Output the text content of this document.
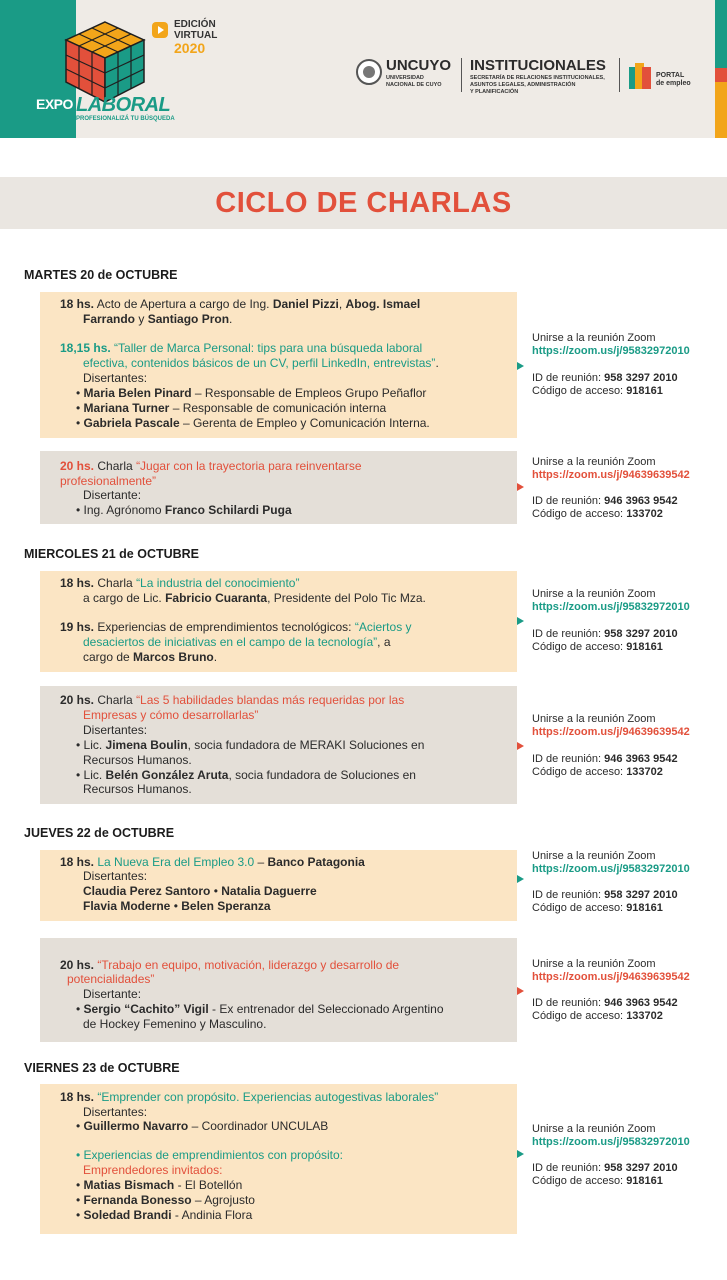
EXPO LABORAL
PROFESIONALIZÁ TU BÚSQUEDA
EDICIÓN
VIRTUAL
2020
UNCUYO
UNIVERSIDAD
NACIONAL DE CUYO
INSTITUCIONALES
SECRETARÍA DE RELACIONES INSTITUCIONALES,
ASUNTOS LEGALES, ADMINISTRACIÓN
Y PLANIFICACIÓN
PORTAL
de empleo
CICLO DE CHARLAS
MARTES 20 de OCTUBRE
MIERCOLES 21 de OCTUBRE
JUEVES 22 de OCTUBRE
VIERNES 23 de OCTUBRE
18 hs. Acto de Apertura a cargo de Ing. Daniel Pizzi, Abog. Ismael
Farrando y Santiago Pron.
18,15 hs. “Taller de Marca Personal: tips para una búsqueda laboral
efectiva, contenidos básicos de un CV, perfil LinkedIn, entrevistas”.
Disertantes:
• Maria Belen Pinard – Responsable de Empleos Grupo Peñaflor
• Mariana Turner – Responsable de comunicación interna
• Gabriela Pascale – Gerenta de Empleo y Comunicación Interna.
20 hs. Charla “Jugar con la trayectoria para reinventarse
profesionalmente”
Disertante:
• Ing. Agrónomo Franco Schilardi Puga
18 hs. Charla “La industria del conocimiento”
a cargo de Lic. Fabricio Cuaranta, Presidente del Polo Tic Mza.
19 hs. Experiencias de emprendimientos tecnológicos: “Aciertos y
desaciertos de iniciativas en el campo de la tecnología”, a
cargo de Marcos Bruno.
20 hs. Charla “Las 5 habilidades blandas más requeridas por las
Empresas y cómo desarrollarlas”
Disertantes:
• Lic. Jimena Boulin, socia fundadora de MERAKI Soluciones en
Recursos Humanos.
• Lic. Belén González Aruta, socia fundadora de Soluciones en
Recursos Humanos.
18 hs. La Nueva Era del Empleo 3.0 – Banco Patagonia
Disertantes:
Claudia Perez Santoro • Natalia Daguerre
Flavia Moderne • Belen Speranza
20 hs. “Trabajo en equipo, motivación, liderazgo y desarrollo de
potencialidades”
Disertante:
• Sergio “Cachito” Vigil - Ex entrenador del Seleccionado Argentino
de Hockey Femenino y Masculino.
18 hs. “Emprender con propósito. Experiencias autogestivas laborales”
Disertantes:
• Guillermo Navarro – Coordinador UNCULAB
• Experiencias de emprendimientos con propósito:
Emprendedores invitados:
• Matias Bismach - El Botellón
• Fernanda Bonesso – Agrojusto
• Soledad Brandi - Andinia Flora
Unirse a la reunión Zoom
https://zoom.us/j/95832972010
ID de reunión: 958 3297 2010
Código de acceso: 918161
Unirse a la reunión Zoom
https://zoom.us/j/94639639542
ID de reunión: 946 3963 9542
Código de acceso: 133702
Unirse a la reunión Zoom
https://zoom.us/j/95832972010
ID de reunión: 958 3297 2010
Código de acceso: 918161
Unirse a la reunión Zoom
https://zoom.us/j/94639639542
ID de reunión: 946 3963 9542
Código de acceso: 133702
Unirse a la reunión Zoom
https://zoom.us/j/95832972010
ID de reunión: 958 3297 2010
Código de acceso: 918161
Unirse a la reunión Zoom
https://zoom.us/j/94639639542
ID de reunión: 946 3963 9542
Código de acceso: 133702
Unirse a la reunión Zoom
https://zoom.us/j/95832972010
ID de reunión: 958 3297 2010
Código de acceso: 918161
